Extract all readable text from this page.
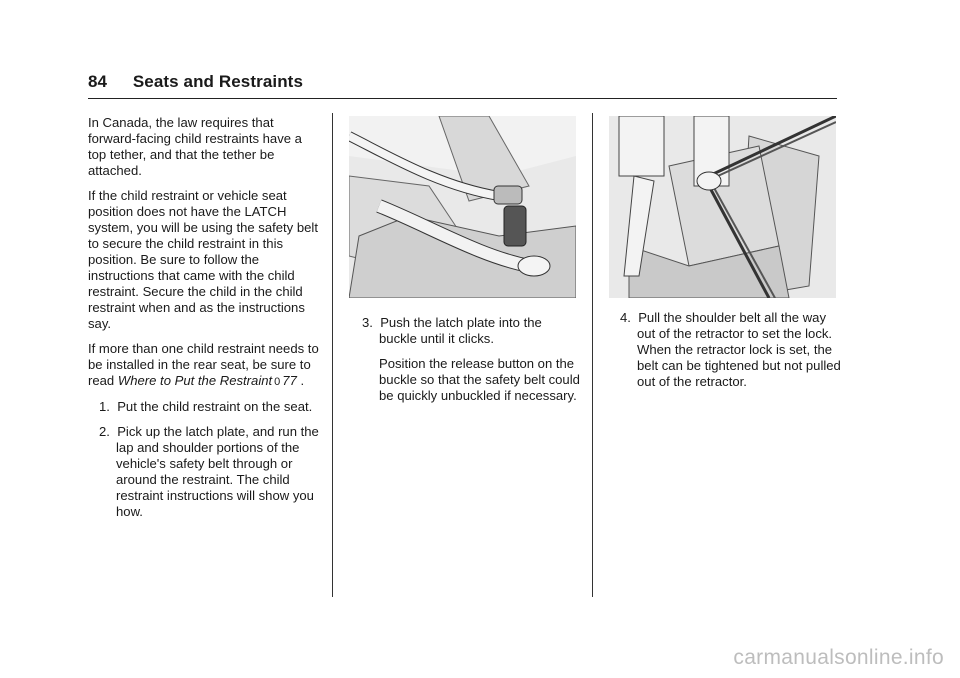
84 Seats and Restraints

In Canada, the law requires that forward-facing child restraints have a top tether, and that the tether be attached.

If the child restraint or vehicle seat position does not have the LATCH system, you will be using the safety belt to secure the child restraint in this position. Be sure to follow the instructions that came with the child restraint. Secure the child in the child restraint when and as the instructions say.

If more than one child restraint needs to be installed in the rear seat, be sure to read Where to Put the Restraint 0 77 .

1. Put the child restraint on the seat.

2. Pick up the latch plate, and run the lap and shoulder portions of the vehicle's safety belt through or around the restraint. The child restraint instructions will show you how.

3. Push the latch plate into the buckle until it clicks.

Position the release button on the buckle so that the safety belt could be quickly unbuckled if necessary.

4. Pull the shoulder belt all the way out of the retractor to set the lock. When the retractor lock is set, the belt can be tightened but not pulled out of the retractor.

carmanualsonline.info
